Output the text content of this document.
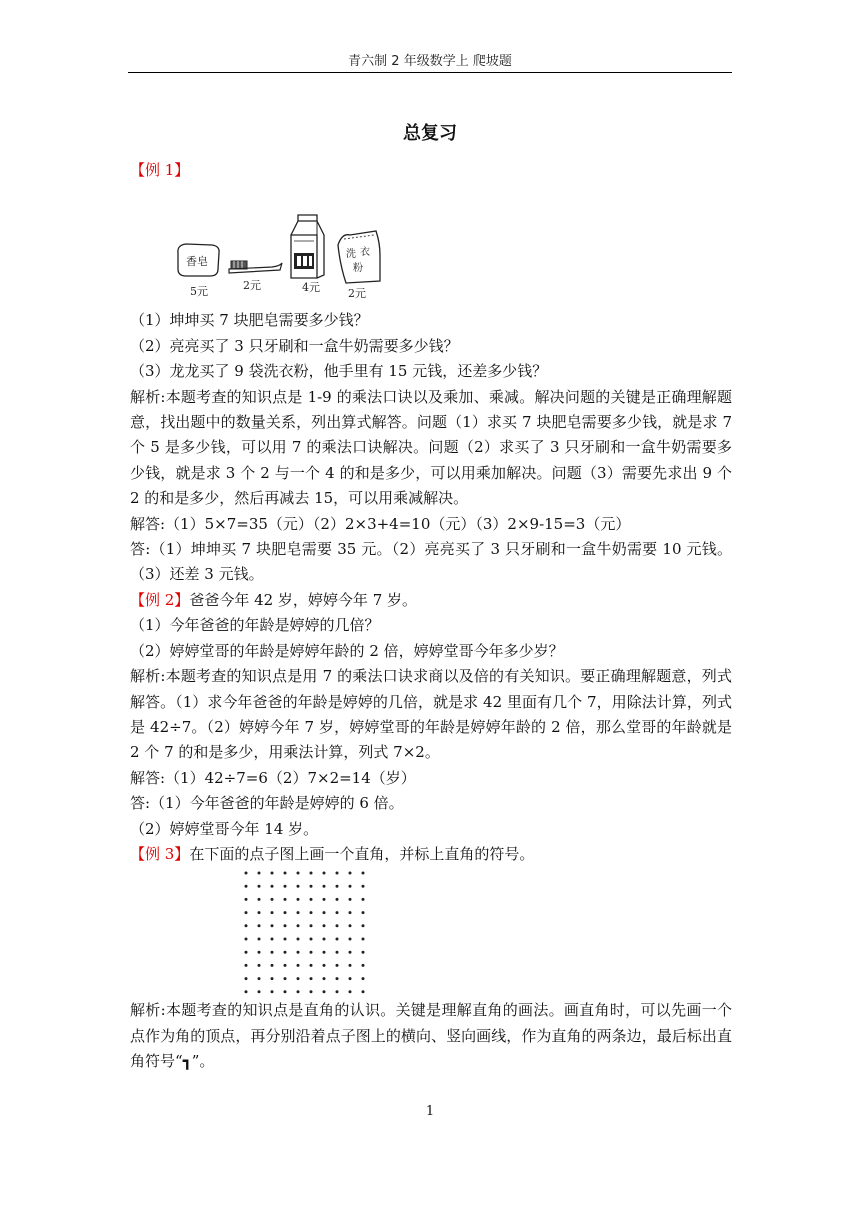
青六制 2 年级数学上 爬坡题
总复习

【例 1】

香皂
5元	2元	4元
洗 衣
粉
2元

（1）坤坤买 7 块肥皂需要多少钱？

（2）亮亮买了 3 只牙刷和一盒牛奶需要多少钱？

（3）龙龙买了 9 袋洗衣粉，他手里有 15 元钱，还差多少钱？

解析:本题考查的知识点是 1-9 的乘法口诀以及乘加、乘减。解决问题的关键是正确理解题意，找出题中的数量关系，列出算式解答。问题（1）求买 7 块肥皂需要多少钱，就是求 7 个 5 是多少钱，可以用 7 的乘法口诀解决。问题（2）求买了 3 只牙刷和一盒牛奶需要多少钱，就是求 3 个 2 与一个 4 的和是多少，可以用乘加解决。问题（3）需要先求出 9 个 2 的和是多少，然后再减去 15，可以用乘减解决。

解答:（1）5×7=35（元）（2）2×3+4=10（元）（3）2×9-15=3（元）

答:（1）坤坤买 7 块肥皂需要 35 元。（2）亮亮买了 3 只牙刷和一盒牛奶需要 10 元钱。（3）还差 3 元钱。

【例 2】爸爸今年 42 岁，婷婷今年 7 岁。

（1）今年爸爸的年龄是婷婷的几倍？

（2）婷婷堂哥的年龄是婷婷年龄的 2 倍，婷婷堂哥今年多少岁？

解析:本题考查的知识点是用 7 的乘法口诀求商以及倍的有关知识。要正确理解题意，列式解答。（1）求今年爸爸的年龄是婷婷的几倍，就是求 42 里面有几个 7，用除法计算，列式是 42÷7。（2）婷婷今年 7 岁，婷婷堂哥的年龄是婷婷年龄的 2 倍，那么堂哥的年龄就是 2 个 7 的和是多少，用乘法计算，列式 7×2。

解答:（1）42÷7=6（2）7×2=14（岁）

答:（1）今年爸爸的年龄是婷婷的 6 倍。

（2）婷婷堂哥今年 14 岁。

【例 3】在下面的点子图上画一个直角，并标上直角的符号。

解析:本题考查的知识点是直角的认识。关键是理解直角的画法。画直角时，可以先画一个点作为角的顶点，再分别沿着点子图上的横向、竖向画线，作为直角的两条边，最后标出直角符号“┓”。

1
